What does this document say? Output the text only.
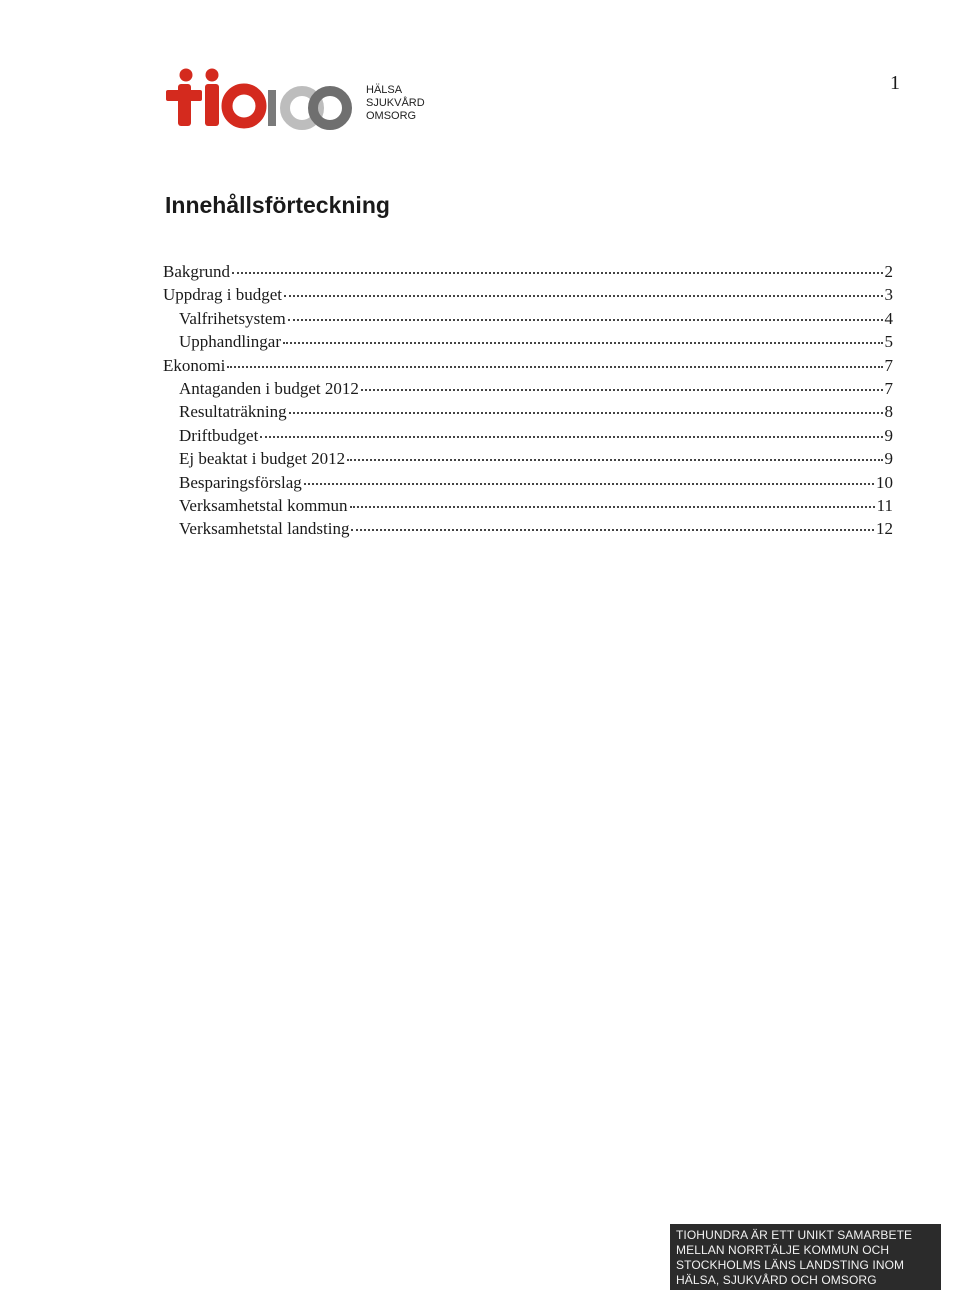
1
HÄLSA
SJUKVÅRD
OMSORG
Innehållsförteckning
Bakgrund	2
Uppdrag i budget	3
Valfrihetsystem	4
Upphandlingar	5
Ekonomi	7
Antaganden i budget 2012	7
Resultaträkning	8
Driftbudget	9
Ej beaktat i budget 2012	9
Besparingsförslag	10
Verksamhetstal kommun	11
Verksamhetstal landsting	12
TIOHUNDRA ÄR ETT UNIKT SAMARBETE
MELLAN NORRTÄLJE KOMMUN OCH
STOCKHOLMS LÄNS LANDSTING INOM
HÄLSA, SJUKVÅRD OCH OMSORG
